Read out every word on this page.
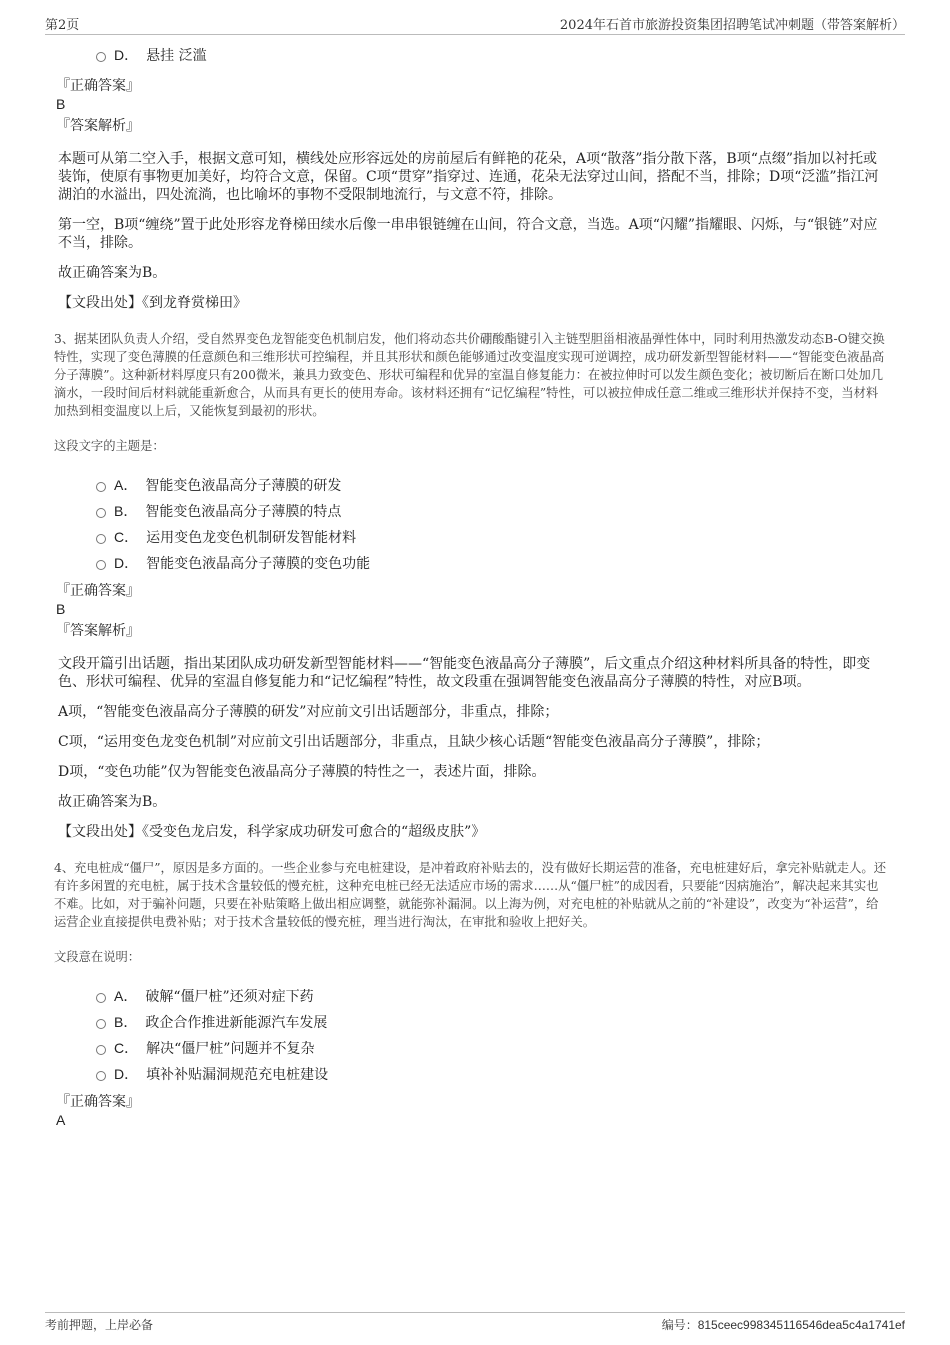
第2页	2024年石首市旅游投资集团招聘笔试冲刺题（带答案解析）
D． 悬挂 泛滥
『正确答案』
B
『答案解析』

本题可从第二空入手，根据文意可知，横线处应形容远处的房前屋后有鲜艳的花朵，A项“散落”指分散下落，B项“点缀”指加以衬托或装饰，使原有事物更加美好，均符合文意，保留。C项“贯穿”指穿过、连通，花朵无法穿过山间，搭配不当，排除；D项“泛滥”指江河湖泊的水溢出，四处流淌，也比喻坏的事物不受限制地流行，与文意不符，排除。

第一空，B项“缠绕”置于此处形容龙脊梯田续水后像一串串银链缠在山间，符合文意，当选。A项“闪耀”指耀眼、闪烁，与“银链”对应不当，排除。

故正确答案为B。

【文段出处】《到龙脊赏梯田》
3、据某团队负责人介绍，受自然界变色龙智能变色机制启发，他们将动态共价硼酸酯键引入主链型胆甾相液晶弹性体中，同时利用热激发动态B-O键交换特性，实现了变色薄膜的任意颜色和三维形状可控编程，并且其形状和颜色能够通过改变温度实现可逆调控，成功研发新型智能材料——“智能变色液晶高分子薄膜”。这种新材料厚度只有200微米，兼具力致变色、形状可编程和优异的室温自修复能力：在被拉伸时可以发生颜色变化；被切断后在断口处加几滴水，一段时间后材料就能重新愈合，从而具有更长的使用寿命。该材料还拥有“记忆编程”特性，可以被拉伸成任意二维或三维形状并保持不变，当材料加热到相变温度以上后，又能恢复到最初的形状。
这段文字的主题是：
A． 智能变色液晶高分子薄膜的研发
B． 智能变色液晶高分子薄膜的特点
C． 运用变色龙变色机制研发智能材料
D． 智能变色液晶高分子薄膜的变色功能
『正确答案』
B
『答案解析』

文段开篇引出话题，指出某团队成功研发新型智能材料——“智能变色液晶高分子薄膜”，后文重点介绍这种材料所具备的特性，即变色、形状可编程、优异的室温自修复能力和“记忆编程”特性，故文段重在强调智能变色液晶高分子薄膜的特性，对应B项。

A项，“智能变色液晶高分子薄膜的研发”对应前文引出话题部分，非重点，排除；

C项，“运用变色龙变色机制”对应前文引出话题部分，非重点，且缺少核心话题“智能变色液晶高分子薄膜”，排除；

D项，“变色功能”仅为智能变色液晶高分子薄膜的特性之一，表述片面，排除。

故正确答案为B。

【文段出处】《受变色龙启发，科学家成功研发可愈合的“超级皮肤”》
4、充电桩成“僵尸”，原因是多方面的。一些企业参与充电桩建设，是冲着政府补贴去的，没有做好长期运营的准备，充电桩建好后，拿完补贴就走人。还有许多闲置的充电桩，属于技术含量较低的慢充桩，这种充电桩已经无法适应市场的需求……从“僵尸桩”的成因看，只要能“因病施治”，解决起来其实也不难。比如，对于骗补问题，只要在补贴策略上做出相应调整，就能弥补漏洞。以上海为例，对充电桩的补贴就从之前的“补建设”，改变为“补运营”，给运营企业直接提供电费补贴；对于技术含量较低的慢充桩，理当进行淘汰，在审批和验收上把好关。
文段意在说明：
A． 破解“僵尸桩”还须对症下药
B． 政企合作推进新能源汽车发展
C． 解决“僵尸桩”问题并不复杂
D． 填补补贴漏洞规范充电桩建设
『正确答案』
A
考前押题，上岸必备	编号：815ceec998345116546dea5c4a1741ef
